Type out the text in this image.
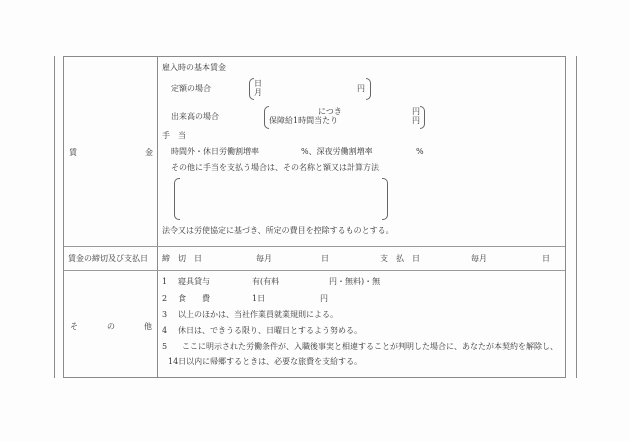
賃	金
雇入時の基本賃金
定額の場合
日
月	円
出来高の場合
につき
保障給1時間当たり
円
円
手　当
時間外・休日労働割増率	%、深夜労働割増率	%
その他に手当を支払う場合は、その名称と額又は計算方法
法令又は労使協定に基づき、所定の費目を控除するものとする。
賃金の締切及び支払日 締　切　日	毎月	日	支　払　日	毎月	日
そ	の	他
1 寝具貸与	有(有料	円・無料)・無
2 食　　費	1日	円
3 以上のほかは、当社作業員就業規則による。
4 休日は、できうる限り、日曜日とするよう努める。
5 ここに明示された労働条件が、入職後事実と相違することが判明した場合に、あなたが本契約を解除し、
14日以内に帰郷するときは、必要な旅費を支給する。
